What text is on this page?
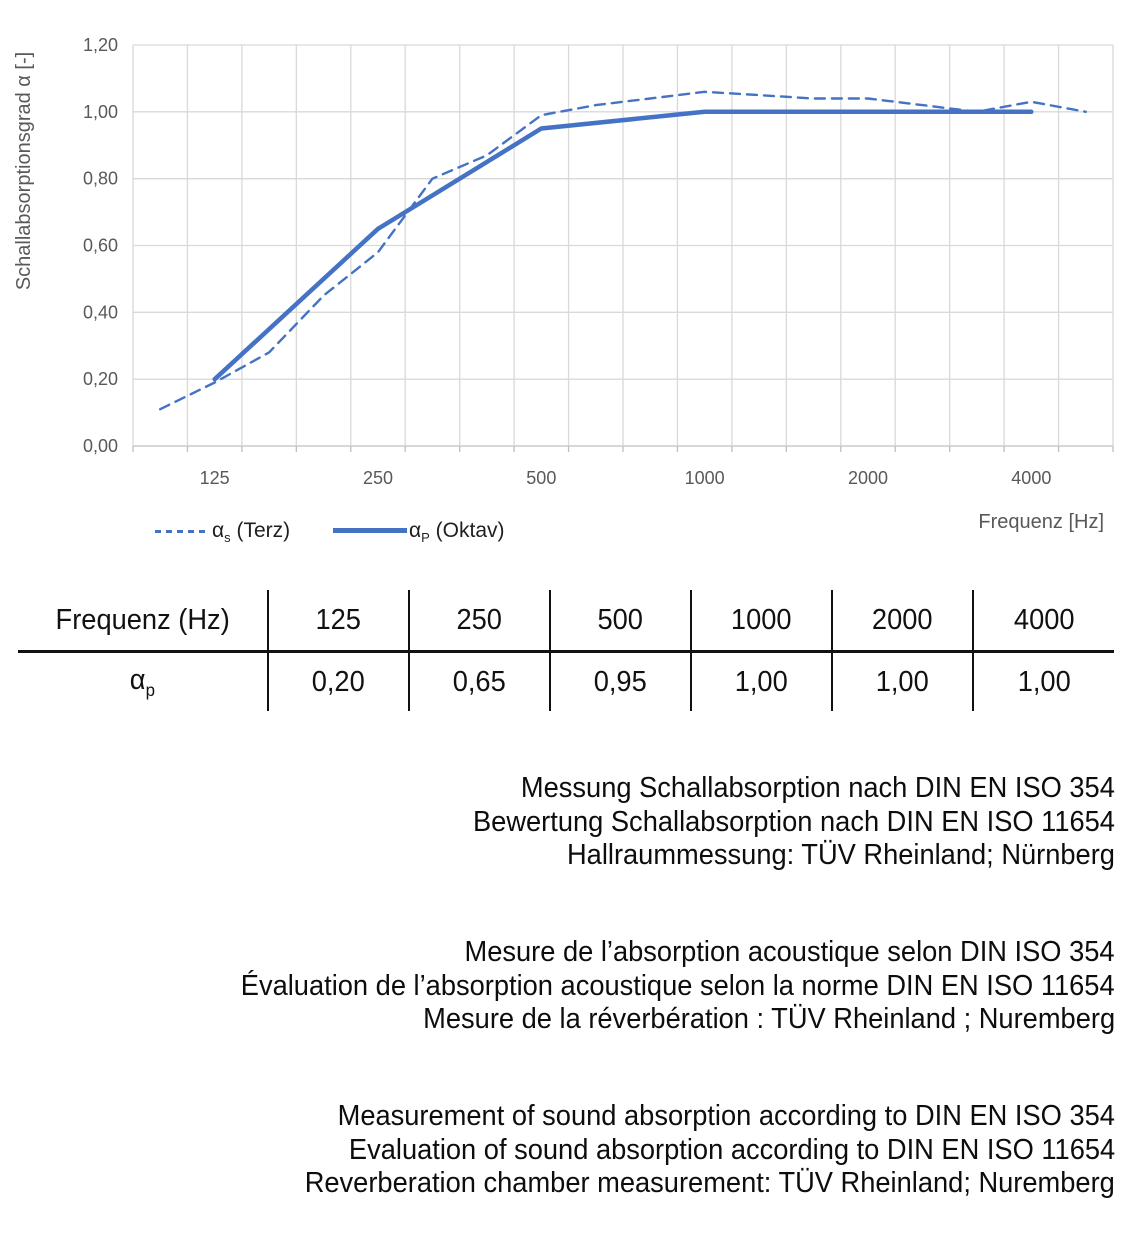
0,00
0,20
0,40
0,60
0,80
1,00
1,20
125	250	500	1000	2000	4000
Frequenz [Hz]
Schallabsorptionsgrad α [-]
$\alpha_s$ (Terz)	$\alpha_P$ (Oktav)
Frequenz (Hz)	125	250	500	1000	2000	4000
$\alpha_p$	0,20	0,65	0,95	1,00	1,00	1,00
Messung Schallabsorption nach DIN EN ISO 354
Bewertung Schallabsorption nach DIN EN ISO 11654
Hallraummessung: TÜV Rheinland; Nürnberg
Mesure de l’absorption acoustique selon DIN ISO 354
Évaluation de l’absorption acoustique selon la norme DIN EN ISO 11654
Mesure de la réverbération : TÜV Rheinland ; Nuremberg
Measurement of sound absorption according to DIN EN ISO 354
Evaluation of sound absorption according to DIN EN ISO 11654
Reverberation chamber measurement: TÜV Rheinland; Nuremberg
